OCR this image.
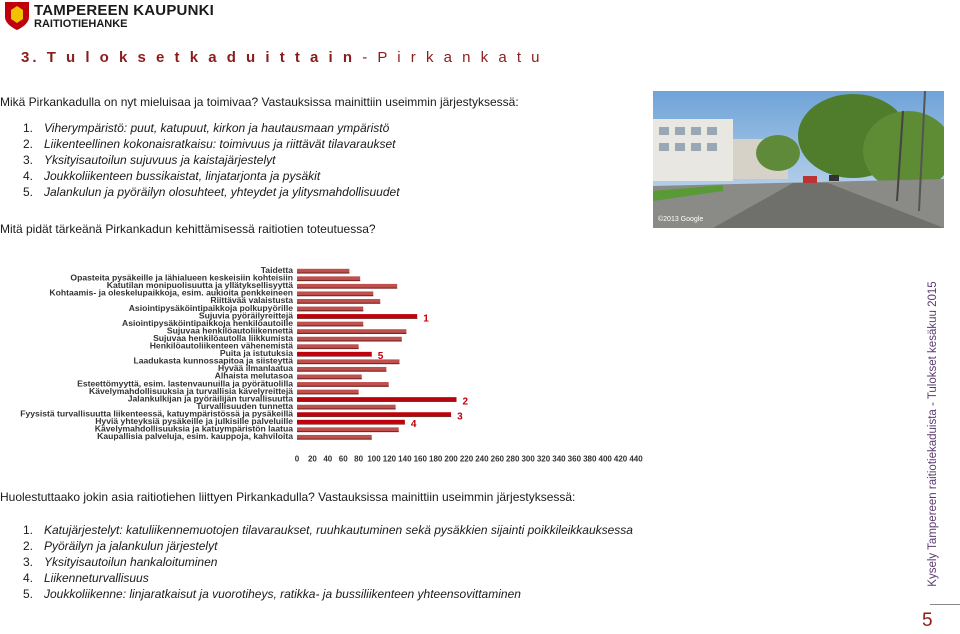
TAMPEREEN KAUPUNKI
RAITIOTIEHANKE
3. T u l o k s e t k a d u i t t a i n - P i r k a n k a t u
Mikä Pirkankadulla on nyt mieluisaa ja toimivaa? Vastauksissa mainittiin useimmin järjestyksessä:
1. Viherympäristö: puut, katupuut, kirkon ja hautausmaan ympäristö
2. Liikenteellinen kokonaisratkaisu: toimivuus ja riittävät tilavaraukset
3. Yksityisautoilun sujuvuus ja kaistajärjestelyt
4. Joukkoliikenteen bussikaistat, linjatarjonta ja pysäkit
5. Jalankulun ja pyöräilyn olosuhteet, yhteydet ja ylitysmahdollisuudet
Mitä pidät tärkeänä Pirkankadun kehittämisessä raitiotien toteutuessa?
©2013 Google
Taidetta
Opasteita pysäkeille ja lähialueen keskeisiin kohteisiin
Katutilan monipuolisuutta ja yllätyksellisyyttä
Kohtaamis- ja oleskelupaikkoja, esim. aukioita penkkeineen
Riittävää valaistusta
Asiointipysäköintipaikkoja polkupyörille
Sujuvia pyöräilyreittejä
Asiointipysäköintipaikkoja henkilöautoille
Sujuvaa henkilöautoliikennettä
Sujuvaa henkilöautolla liikkumista
Henkilöautoliikenteen vähenemistä
Puita ja istutuksia
Laadukasta kunnossapitoa ja siisteyttä
Hyvää ilmanlaatua
Alhaista melutasoa
Esteettömyyttä, esim. lastenvaunuilla ja pyörätuolilla
Kävelymahdollisuuksia ja turvallisia kävelyreittejä
Jalankulkijan ja pyöräilijän turvallisuutta
Turvallisuuden tunnetta
Fyysistä turvallisuutta liikenteessä, katuympäristössä ja pysäkeillä
Hyviä yhteyksiä pysäkeille ja julkisille palveluille
Kävelymahdollisuuksia ja katuympäristön laatua
Kaupallisia palveluja, esim. kauppoja, kahviloita
1
5
2
3
4
0 20 40 60 80 100 120 140 160 180 200 220 240 260 280 300 320 340 360 380 400 420 440
Huolestuttaako jokin asia raitiotiehen liittyen Pirkankadulla? Vastauksissa mainittiin useimmin järjestyksessä:
1. Katujärjestelyt: katuliikennemuotojen tilavaraukset, ruuhkautuminen sekä pysäkkien sijainti poikkileikkauksessa
2. Pyöräilyn ja jalankulun järjestelyt
3. Yksityisautoilun hankaloituminen
4. Liikenneturvallisuus
5. Joukkoliikenne: linjaratkaisut ja vuorotiheys, ratikka- ja bussiliikenteen yhteensovittaminen
Kysely Tampereen raitiotiekaduista - Tulokset kesäkuu 2015
5
